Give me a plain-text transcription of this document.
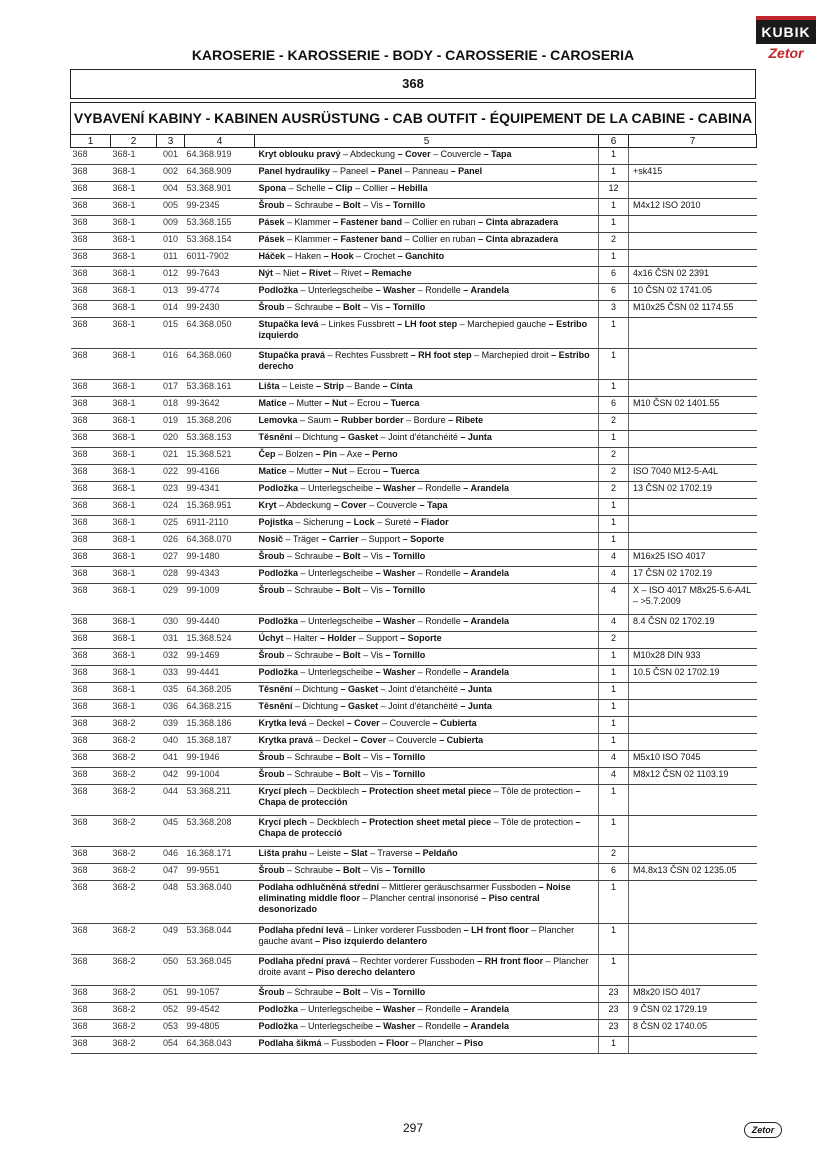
KUBIK
Zetor
KAROSERIE - KAROSSERIE - BODY - CAROSSERIE - CAROSERIA
368
VYBAVENÍ KABINY - KABINEN AUSRÜSTUNG - CAB OUTFIT - ÉQUIPEMENT DE LA CABINE - CABINA
1	2	3	4	5	6	7
368	368-1	001	64.368.919	Kryt oblouku pravý – Abdeckung – Cover – Couvercle – Tapa	1	
368	368-1	002	64.368.909	Panel hydrauliky – Paneel – Panel – Panneau – Panel	1	+sk415
368	368-1	004	53.368.901	Spona – Schelle – Clip – Collier – Hebilla	12	
368	368-1	005	99-2345	Šroub – Schraube – Bolt – Vis – Tornillo	1	M4x12 ISO 2010
368	368-1	009	53.368.155	Pásek – Klammer – Fastener band – Collier en ruban – Cinta abrazadera	1	
368	368-1	010	53.368.154	Pásek – Klammer – Fastener band – Collier en ruban – Cinta abrazadera	2	
368	368-1	011	6011-7902	Háček – Haken – Hook – Crochet – Ganchito	1	
368	368-1	012	99-7643	Nýt – Niet – Rivet – Rivet – Remache	6	4x16 ČSN 02 2391
368	368-1	013	99-4774	Podložka – Unterlegscheibe – Washer – Rondelle – Arandela	6	10 ČSN 02 1741.05
368	368-1	014	99-2430	Šroub – Schraube – Bolt – Vis – Tornillo	3	M10x25 ČSN 02 1174.55
368	368-1	015	64.368.050	Stupačka levá – Linkes Fussbrett – LH foot step – Marchepied gauche – Estribo izquierdo	1	
368	368-1	016	64.368.060	Stupačka pravá – Rechtes Fussbrett – RH foot step – Marchepied droit – Estribo derecho	1	
368	368-1	017	53.368.161	Lišta – Leiste – Strip – Bande – Cinta	1	
368	368-1	018	99-3642	Matice – Mutter – Nut – Ecrou – Tuerca	6	M10 ČSN 02 1401.55
368	368-1	019	15.368.206	Lemovka – Saum – Rubber border – Bordure – Ribete	2	
368	368-1	020	53.368.153	Těsnění – Dichtung – Gasket – Joint d'étanchéité – Junta	1	
368	368-1	021	15.368.521	Čep – Bolzen – Pin – Axe – Perno	2	
368	368-1	022	99-4166	Matice – Mutter – Nut – Ecrou – Tuerca	2	ISO 7040 M12-5-A4L
368	368-1	023	99-4341	Podložka – Unterlegscheibe – Washer – Rondelle – Arandela	2	13 ČSN 02 1702.19
368	368-1	024	15.368.951	Kryt – Abdeckung – Cover – Couvercle – Tapa	1	
368	368-1	025	6911-2110	Pojistka – Sicherung – Lock – Sureté – Fiador	1	
368	368-1	026	64.368.070	Nosič – Träger – Carrier – Support – Soporte	1	
368	368-1	027	99-1480	Šroub – Schraube – Bolt – Vis – Tornillo	4	M16x25 ISO 4017
368	368-1	028	99-4343	Podložka – Unterlegscheibe – Washer – Rondelle – Arandela	4	17 ČSN 02 1702.19
368	368-1	029	99-1009	Šroub – Schraube – Bolt – Vis – Tornillo	4	X – ISO 4017 M8x25-5.6-A4L – >5.7.2009
368	368-1	030	99-4440	Podložka – Unterlegscheibe – Washer – Rondelle – Arandela	4	8.4 ČSN 02 1702.19
368	368-1	031	15.368.524	Úchyt – Halter – Holder – Support – Soporte	2	
368	368-1	032	99-1469	Šroub – Schraube – Bolt – Vis – Tornillo	1	M10x28 DIN 933
368	368-1	033	99-4441	Podložka – Unterlegscheibe – Washer – Rondelle – Arandela	1	10.5 ČSN 02 1702.19
368	368-1	035	64.368.205	Těsnění – Dichtung – Gasket – Joint d'étanchéité – Junta	1	
368	368-1	036	64.368.215	Těsnění – Dichtung – Gasket – Joint d'étanchéité – Junta	1	
368	368-2	039	15.368.186	Krytka levá – Deckel – Cover – Couvercle – Cubierta	1	
368	368-2	040	15.368.187	Krytka pravá – Deckel – Cover – Couvercle – Cubierta	1	
368	368-2	041	99-1946	Šroub – Schraube – Bolt – Vis – Tornillo	4	M5x10 ISO 7045
368	368-2	042	99-1004	Šroub – Schraube – Bolt – Vis – Tornillo	4	M8x12 ČSN 02 1103.19
368	368-2	044	53.368.211	Krycí plech – Deckblech – Protection sheet metal piece – Tôle de protection – Chapa de protección	1	
368	368-2	045	53.368.208	Krycí plech – Deckblech – Protection sheet metal piece – Tôle de protection – Chapa de protecció	1	
368	368-2	046	16.368.171	Lišta prahu – Leiste – Slat – Traverse – Peldaño	2	
368	368-2	047	99-9551	Šroub – Schraube – Bolt – Vis – Tornillo	6	M4.8x13 ČSN 02 1235.05
368	368-2	048	53.368.040	Podlaha odhlučněná střední – Mittlerer geräuschsarmer Fussboden – Noise eliminating middle floor – Plancher central insonorisé – Piso central desonorizado	1	
368	368-2	049	53.368.044	Podlaha přední levá – Linker vorderer Fussboden – LH front floor – Plancher gauche avant – Piso izquierdo delantero	1	
368	368-2	050	53.368.045	Podlaha přední pravá – Rechter vorderer Fussboden – RH front floor – Plancher droite avant – Piso derecho delantero	1	
368	368-2	051	99-1057	Šroub – Schraube – Bolt – Vis – Tornillo	23	M8x20 ISO 4017
368	368-2	052	99-4542	Podložka – Unterlegscheibe – Washer – Rondelle – Arandela	23	9 ČSN 02 1729.19
368	368-2	053	99-4805	Podložka – Unterlegscheibe – Washer – Rondelle – Arandela	23	8 ČSN 02 1740.05
368	368-2	054	64.368.043	Podlaha šikmá – Fussboden – Floor – Plancher – Piso	1	
297	Zetor
